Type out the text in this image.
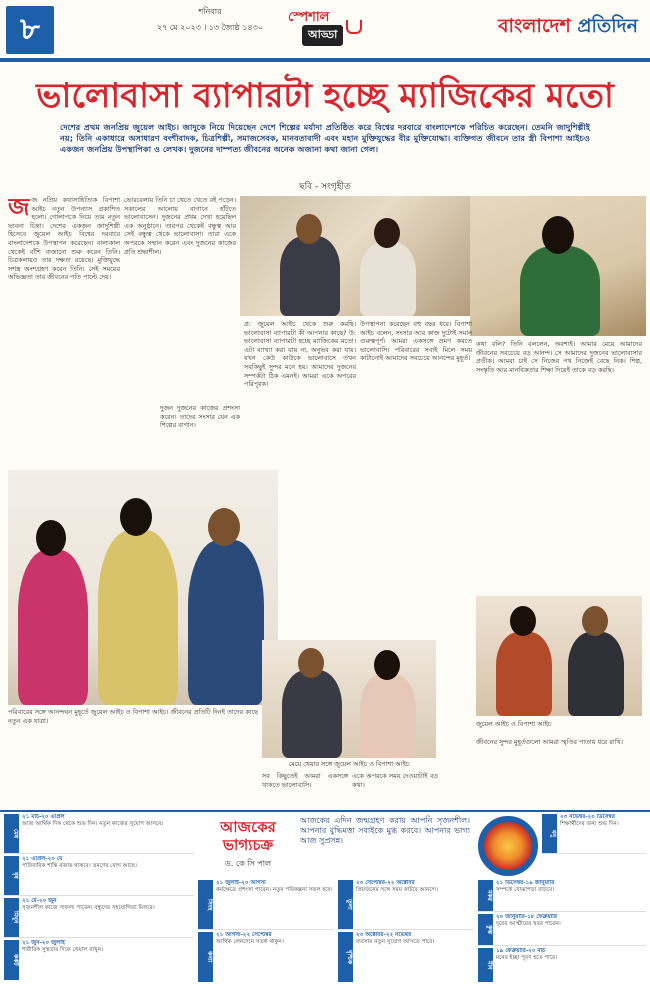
৮
শনিবার
২৭ মে ২০২৩ । ১৩ জ্যৈষ্ঠ ১৪৩০
স্পেশাল
আড্ডা	বাংলাদেশ প্রতিদিন
ভালোবাসা ব্যাপারটা হচ্ছে ম্যাজিকের মতো
দেশের প্রথম জনপ্রিয় জুয়েল আইচ। জাদুকে নিয়ে দিয়েছেন দেশে শিল্পের মর্যাদা প্রতিষ্ঠিত করে বিশ্বের দরবারে বাংলাদেশকে পরিচিত করেছেন। তেমনি জাদুশিল্পীই নয়; তিনি একাধারে অসাধারণ বংশীবাদক, চিত্রশিল্পী, সমাজসেবক, মানবতাবাদী এবং মহান মুক্তিযুদ্ধের বীর মুক্তিযোদ্ধা। ব্যক্তিগত জীবনে তার স্ত্রী বিপাশা আইচও একজন জনপ্রিয় উপস্থাপিকা ও লেখক। দুজনের দাম্পত্য জীবনের অনেক অজানা কথা জানা গেল।
ছবি - সংগৃহীত
জ জ নপ্রিয় কথাসাহিত্যিক বিপাশা আইচ নতুন উপন্যাস প্রকাশিত হলো। গোলাপকে নিয়ে তার নতুন ভাবনা চিন্তা। দেশের একজন জাদুশিল্পী হিসেবে জুয়েল আইচ বিশ্বের দরবারে বাংলাদেশকে উপস্থাপন করেছেন। বাল্যকাল থেকেই বাঁশি বাজানো শুরু করেন তিনি। চিত্রকলায়ও তার দক্ষতা রয়েছে। মুক্তিযুদ্ধে সশস্ত্র অংশগ্রহণ করেন তিনি। সেই সময়ের অভিজ্ঞতা তার জীবনের গতি পাল্টে দেয়।
ভোরবেলায় তিনি চা খেতে খেতে বই পড়েন। সকালের আলোয় বাগানে হাঁটতে ভালোবাসেন। দুজনের প্রথম দেখা হয়েছিল এক অনুষ্ঠানে। তারপর থেকেই বন্ধুত্ব আর সেই বন্ধুত্ব থেকে ভালোবাসা। তারা একে অপরকে সম্মান করেন এবং দুজনের কাজের প্রতি শ্রদ্ধাশীল।
প্র: জুয়েল আইচ থেকে শুরু করছি। ভালোবাসা ব্যাপারটা কী আপনার কাছে? উ: ভালোবাসা ব্যাপারটা হচ্ছে ম্যাজিকের মতো। এটা ব্যাখ্যা করা যায় না, অনুভব করা যায়। যখন কেউ কাউকে ভালোবাসে তখন সবকিছুই সুন্দর মনে হয়। আমাদের দুজনের সম্পর্কটা ঠিক এমনই। আমরা একে অপরের পরিপূরক।
উপস্থাপনা করেছেন বহু বছর ধরে। বিপাশা আইচ বলেন, সংসার আর কাজ দুটোই সমান গুরুত্বপূর্ণ। আমরা একসঙ্গে ভ্রমণ করতে ভালোবাসি। পরিবারের সবাই মিলে সময় কাটানোই আমাদের সবচেয়ে আনন্দের মুহূর্ত।
কথা বলি? তিনি বললেন, অবশ্যই। আমার মেয়ে আমাদের জীবনের সবচেয়ে বড় আনন্দ। সে আমাদের দুজনের ভালোবাসার প্রতীক। আমরা চাই সে নিজের পথ নিজেই বেছে নিক। শিল্প, সংস্কৃতি আর মানবিকতার শিক্ষা দিয়েই তাকে বড় করছি।
দুজন দুজনের কাজের প্রশংসা করেন। তাদের সংসার যেন এক শিল্পের বাগান।
পরিবারের সঙ্গে আনন্দঘন মুহূর্তে জুয়েল আইচ ও বিপাশা আইচ। জীবনের প্রতিটি দিনই তাদের কাছে নতুন এক যাত্রা।
মেয়ে খেয়ার সঙ্গে জুয়েল আইচ ও বিপাশা আইচ
জুয়েল আইচ ও বিপাশা আইচ
সব কিছুতেই আমরা একসঙ্গে থাকতে ভালোবাসি।
একে অপরকে সময় দেওয়াটাই বড় কথা।
জীবনের সুন্দর মুহূর্তগুলো আমরা স্মৃতির পাতায় ধরে রাখি।
আজকের
ভাগ্যচক্র
ড. কে সি পাল
আজকের এদিন জন্মগ্রহণ করায় আপনি সৃজনশীল। আপনার বুদ্ধিমত্তা সবাইকে মুগ্ধ করবে। আপনার ভাগ্য আজ সুপ্রসন্ন।
মেষ
২১ মার্চ-২০ এপ্রিল
আজ আর্থিক দিক থেকে শুভ দিন। নতুন কাজের সুযোগ আসবে।
বৃষ
২১ এপ্রিল-২০ মে
পারিবারিক শান্তি বজায় থাকবে। ভ্রমণের যোগ আছে।
মিথুন
২১ মে-২০ জুন
সৃজনশীল কাজে সাফল্য পাবেন। বন্ধুদের সহযোগিতা মিলবে।
কর্কট
২১ জুন-২০ জুলাই
শারীরিক সুস্থতার দিকে খেয়াল রাখুন।
সিংহ
২১ জুলাই-২০ আগস্ট
কর্মক্ষেত্রে প্রশংসা পাবেন। নতুন পরিকল্পনা সফল হবে।
কন্যা
২১ আগস্ট-২২ সেপ্টেম্বর
আর্থিক লেনদেনে সতর্ক থাকুন।
তুলা
২৩ সেপ্টেম্বর-২২ অক্টোবর
প্রিয়জনের সঙ্গে সময় কাটবে আনন্দে।
বৃশ্চিক
২৩ অক্টোবর-২২ নভেম্বর
ব্যবসায় নতুন সুযোগ আসতে পারে।
ধনু
২৩ নভেম্বর-২০ ডিসেম্বর
শিক্ষার্থীদের জন্য শুভ দিন।
মকর
২১ ডিসেম্বর-১৯ জানুয়ারি
সম্পর্কে বোঝাপড়া বাড়বে।
কুম্ভ
২০ জানুয়ারি-১৮ ফেব্রুয়ারি
দূরের আত্মীয়ের খবর পাবেন।
মীন
১৯ ফেব্রুয়ারি-২০ মার্চ
মনের ইচ্ছা পূরণ হতে পারে।
